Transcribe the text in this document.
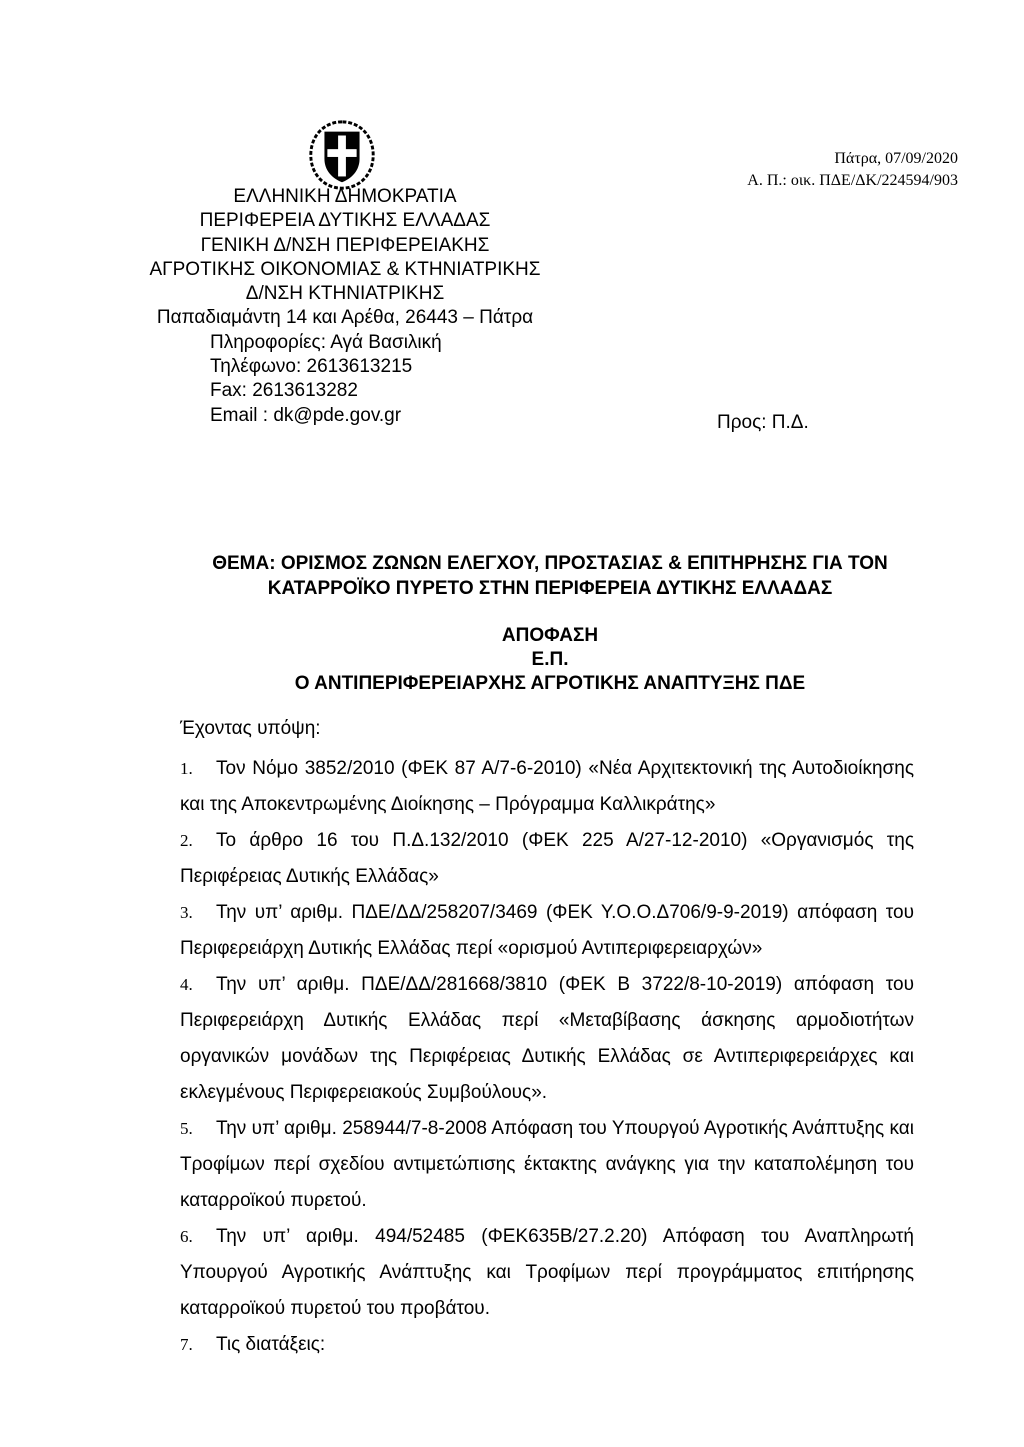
ΕΛΛΗΝΙΚΗ ΔΗΜΟΚΡΑΤΙΑ
ΠΕΡΙΦΕΡΕΙΑ ΔΥΤΙΚΗΣ ΕΛΛΑΔΑΣ
ΓΕΝΙΚΗ Δ/ΝΣΗ ΠΕΡΙΦΕΡΕΙΑΚΗΣ
ΑΓΡΟΤΙΚΗΣ ΟΙΚΟΝΟΜΙΑΣ & ΚΤΗΝΙΑΤΡΙΚΗΣ
Δ/ΝΣΗ ΚΤΗΝΙΑΤΡΙΚΗΣ
Παπαδιαμάντη 14 και Αρέθα, 26443 – Πάτρα
Πληροφορίες: Αγά Βασιλική
Τηλέφωνο: 2613613215
Fax: 2613613282
Email : dk@pde.gov.gr
Πάτρα, 07/09/2020
Α. Π.: οικ. ΠΔΕ/ΔΚ/224594/903
Προς: Π.Δ.
ΘΕΜΑ: ΟΡΙΣΜΟΣ ΖΩΝΩΝ ΕΛΕΓΧΟΥ, ΠΡΟΣΤΑΣΙΑΣ & ΕΠΙΤΗΡΗΣΗΣ ΓΙΑ ΤΟΝ
ΚΑΤΑΡΡΟΪΚΟ ΠΥΡΕΤΟ ΣΤΗΝ ΠΕΡΙΦΕΡΕΙΑ ΔΥΤΙΚΗΣ ΕΛΛΑΔΑΣ
ΑΠΟΦΑΣΗ
Ε.Π.
Ο ΑΝΤΙΠΕΡΙΦΕΡΕΙΑΡΧΗΣ ΑΓΡΟΤΙΚΗΣ ΑΝΑΠΤΥΞΗΣ ΠΔΕ
Έχοντας υπόψη:
1. Τον Νόμο 3852/2010 (ΦΕΚ 87 Α/7-6-2010) «Νέα Αρχιτεκτονική της Αυτοδιοίκησης και της Αποκεντρωμένης Διοίκησης – Πρόγραμμα Καλλικράτης»
2. Το άρθρο 16 του Π.Δ.132/2010 (ΦΕΚ 225 Α/27-12-2010) «Οργανισμός της Περιφέρειας Δυτικής Ελλάδας»
3. Την υπ’ αριθμ. ΠΔΕ/ΔΔ/258207/3469 (ΦΕΚ Υ.Ο.Ο.Δ706/9-9-2019) απόφαση του Περιφερειάρχη Δυτικής Ελλάδας περί «ορισμού Αντιπεριφερειαρχών»
4. Την υπ’ αριθμ. ΠΔΕ/ΔΔ/281668/3810 (ΦΕΚ Β 3722/8-10-2019) απόφαση του Περιφερειάρχη Δυτικής Ελλάδας περί «Μεταβίβασης άσκησης αρμοδιοτήτων οργανικών μονάδων της Περιφέρειας Δυτικής Ελλάδας σε Αντιπεριφερειάρχες και εκλεγμένους Περιφερειακούς Συμβούλους».
5. Την υπ’ αριθμ. 258944/7-8-2008 Απόφαση του Υπουργού Αγροτικής Ανάπτυξης και Τροφίμων περί σχεδίου αντιμετώπισης έκτακτης ανάγκης για την καταπολέμηση του καταρροϊκού πυρετού.
6. Την υπ’ αριθμ. 494/52485 (ΦΕΚ635Β/27.2.20) Απόφαση του Αναπληρωτή Υπουργού Αγροτικής Ανάπτυξης και Τροφίμων περί προγράμματος επιτήρησης καταρροϊκού πυρετού του προβάτου.
7. Τις διατάξεις:
